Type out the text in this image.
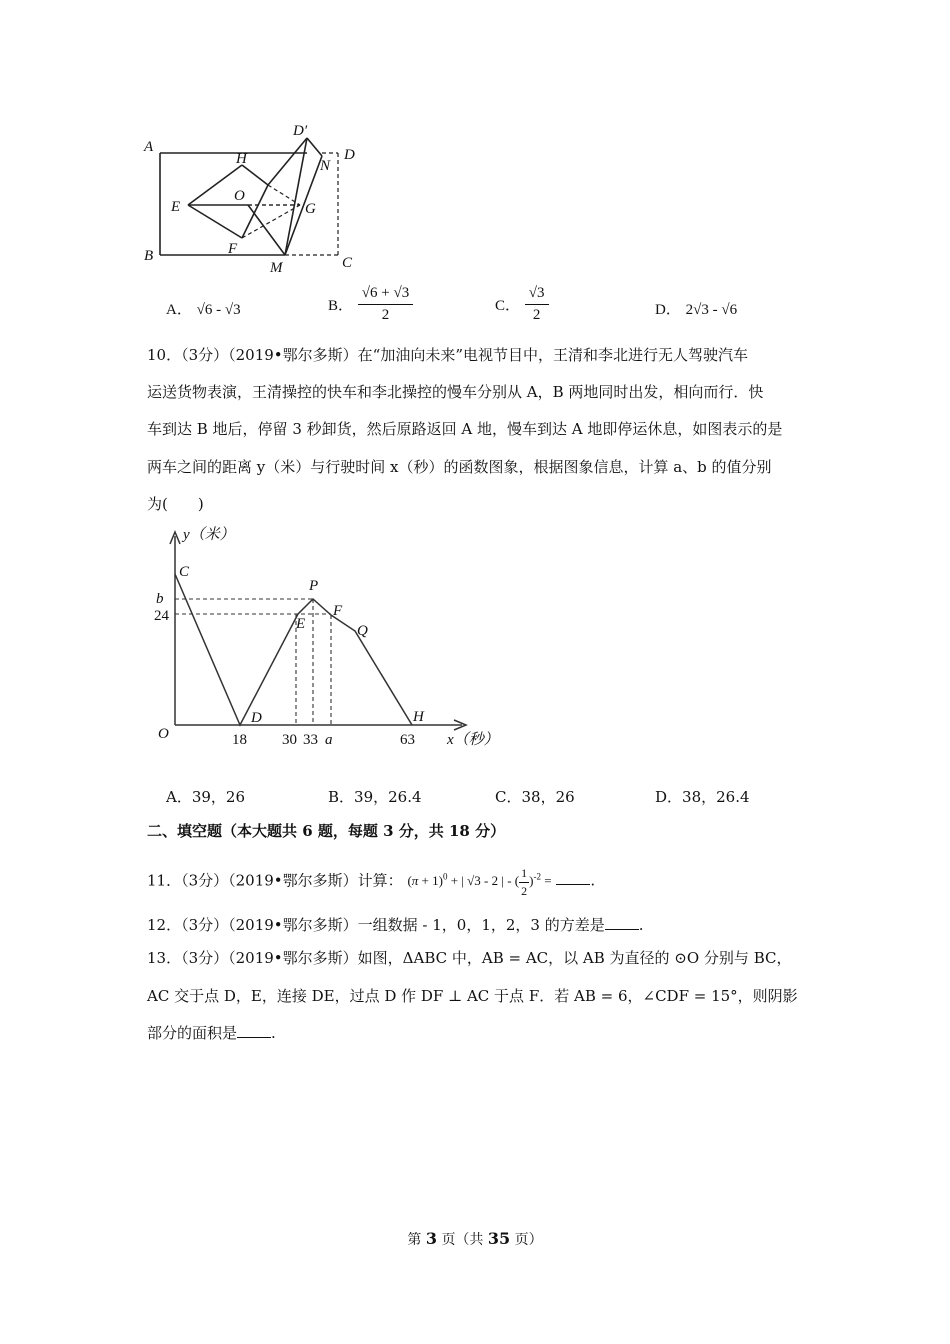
A
B	C
D
D′
N
H
O
E	G
F
M
A． √6 - √3	B． $\frac{√6 + √3}{2}$	C． $\frac{√3}{2}$	D． 2√3 - √6
10．（3分）（2019•鄂尔多斯）在“加油向未来”电视节目中，王清和李北进行无人驾驶汽车
运送货物表演，王清操控的快车和李北操控的慢车分别从 A，B 两地同时出发，相向而行．快
车到达 B 地后，停留 3 秒卸货，然后原路返回 A 地，慢车到达 A 地即停运休息，如图表示的是
两车之间的距离 y（米）与行驶时间 x（秒）的函数图象，根据图象信息，计算 a、b 的值分别
为(　　)
y（米）
x（秒）
C
P
F
E	Q
D	H
O
b
24
18 30 33 a	63
A．39，26	B．39，26.4	C．38，26	D．38，26.4
二、填空题（本大题共 6 题，每题 3 分，共 18 分）
11．（3分）（2019•鄂尔多斯）计算： $(\pi + 1)^0$ + | √3 - 2 | - ( $\frac{1}{2} )^{-2}$ =	.
12．（3分）（2019•鄂尔多斯）一组数据 - 1，0，1，2，3 的方差是 .
13．（3分）（2019•鄂尔多斯）如图，ΔABC 中，AB = AC，以 AB 为直径的 ⊙O 分别与 BC，
AC 交于点 D，E，连接 DE，过点 D 作 DF ⊥ AC 于点 F．若 AB = 6，∠CDF = 15°，则阴影
部分的面积是 .
第 3 页（共 35 页）
